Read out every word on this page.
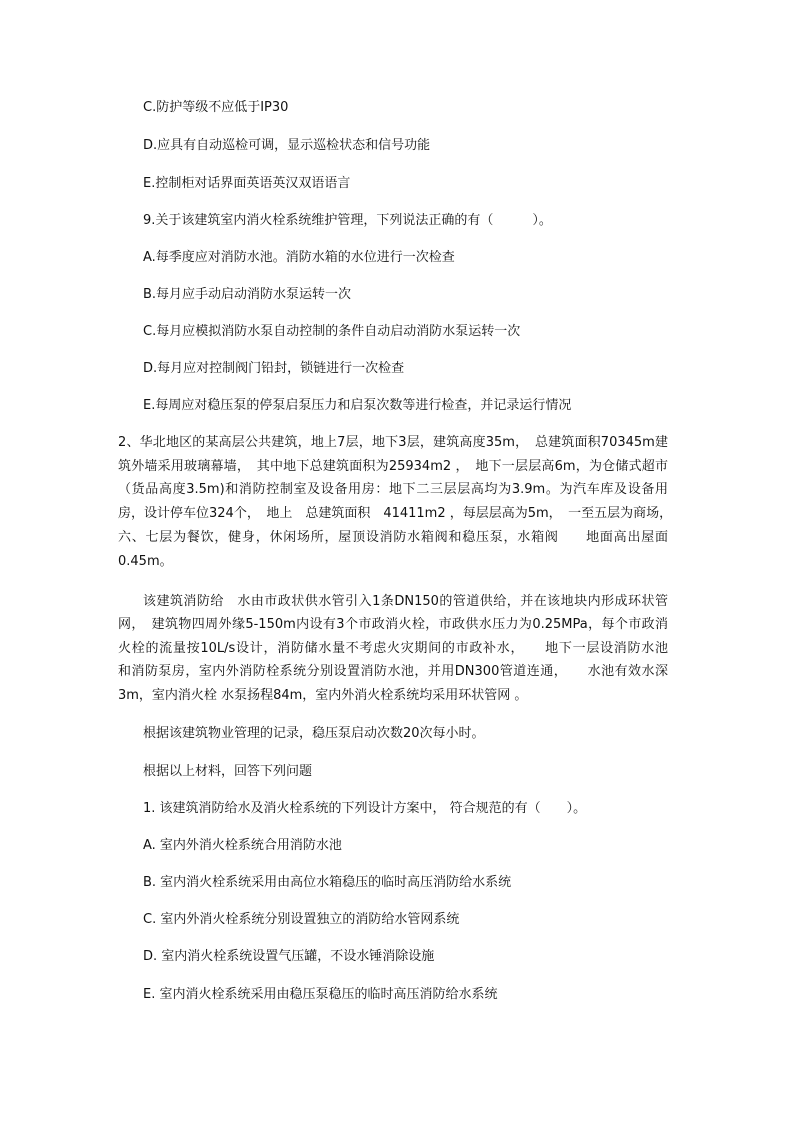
C.防护等级不应低于IP30
D.应具有自动巡检可调，显示巡检状态和信号功能
E.控制柜对话界面英语英汉双语语言
9.关于该建筑室内消火栓系统维护管理，下列说法正确的有（　　　）。
A.每季度应对消防水池。消防水箱的水位进行一次检查
B.每月应手动启动消防水泵运转一次
C.每月应模拟消防水泵自动控制的条件自动启动消防水泵运转一次
D.每月应对控制阀门铅封，锁链进行一次检查
E.每周应对稳压泵的停泵启泵压力和启泵次数等进行检查，并记录运行情况
2、华北地区的某高层公共建筑，地上7层，地下3层，建筑高度35m，　总建筑面积70345m建
筑外墙采用玻璃幕墙，　其中地下总建筑面积为25934m2 ，　地下一层层高6m，为仓储式超市
（货品高度3.5m)和消防控制室及设备用房：地下二三层层高均为3.9m。为汽车库及设备用
房，设计停车位324个，　地上　总建筑面积　41411m2 ，每层层高为5m，　一至五层为商场，
六、七层为餐饮，健身，休闲场所，屋顶设消防水箱阀和稳压泵，水箱阀　　地面高出屋面
0.45m。
该建筑消防给　水由市政状供水管引入1条DN150的管道供给，并在该地块内形成环状管
网，　建筑物四周外缘5-150m内设有3个市政消火栓，市政供水压力为0.25MPa，每个市政消
火栓的流量按10L/s设计，消防储水量不考虑火灾期间的市政补水，　　地下一层设消防水池
和消防泵房，室内外消防栓系统分别设置消防水池，并用DN300管道连通，　　水池有效水深
3m，室内消火栓 水泵扬程84m，室内外消火栓系统均采用环状管网 。
根据该建筑物业管理的记录，稳压泵启动次数20次每小时。
根据以上材料，回答下列问题
1. 该建筑消防给水及消火栓系统的下列设计方案中， 符合规范的有（　　）。
A. 室内外消火栓系统合用消防水池
B. 室内消火栓系统采用由高位水箱稳压的临时高压消防给水系统
C. 室内外消火栓系统分别设置独立的消防给水管网系统
D. 室内消火栓系统设置气压罐，不设水锤消除设施
E. 室内消火栓系统采用由稳压泵稳压的临时高压消防给水系统
